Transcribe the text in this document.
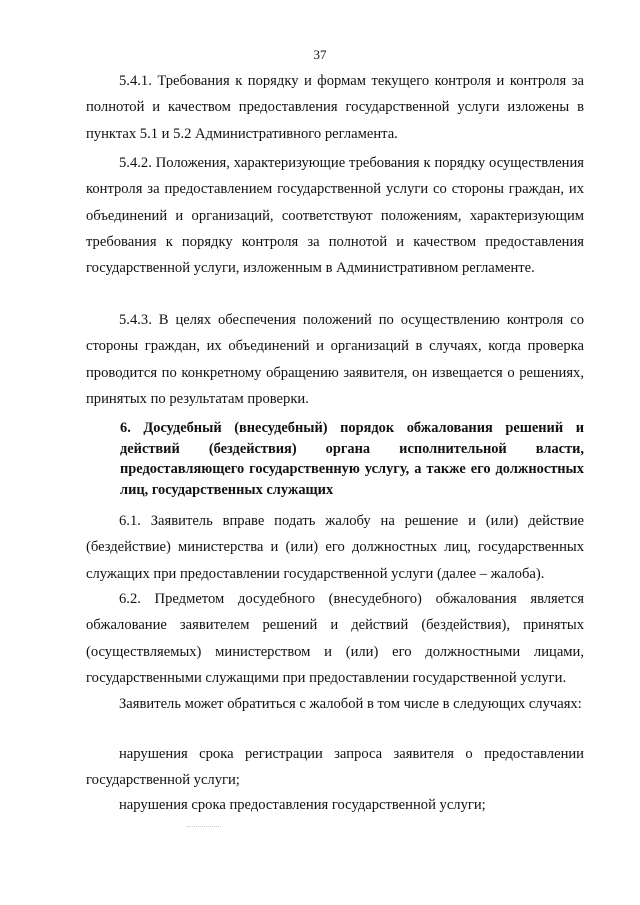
37

5.4.1. Требования к порядку и формам текущего контроля и контроля за полнотой и качеством предоставления государственной услуги изложены в пунктах 5.1 и 5.2 Административного регламента.

5.4.2. Положения, характеризующие требования к порядку осуществления контроля за предоставлением государственной услуги со стороны граждан, их объединений и организаций, соответствуют положениям, характеризующим требования к порядку контроля за полнотой и качеством предоставления государственной услуги, изложенным в Административном регламенте.

5.4.3. В целях обеспечения положений по осуществлению контроля со стороны граждан, их объединений и организаций в случаях, когда проверка проводится по конкретному обращению заявителя, он извещается о решениях, принятых по результатам проверки.

6. Досудебный (внесудебный) порядок обжалования решений и действий (бездействия) органа исполнительной власти, предоставляющего государственную услугу, а также его должностных лиц, государственных служащих

6.1. Заявитель вправе подать жалобу на решение и (или) действие (бездействие) министерства и (или) его должностных лиц, государственных служащих при предоставлении государственной услуги (далее – жалоба).

6.2. Предметом досудебного (внесудебного) обжалования является обжалование заявителем решений и действий (бездействия), принятых (осуществляемых) министерством и (или) его должностными лицами, государственными служащими при предоставлении государственной услуги.

Заявитель может обратиться с жалобой в том числе в следующих случаях:

нарушения срока регистрации запроса заявителя о предоставлении государственной услуги;

нарушения срока предоставления государственной услуги;
